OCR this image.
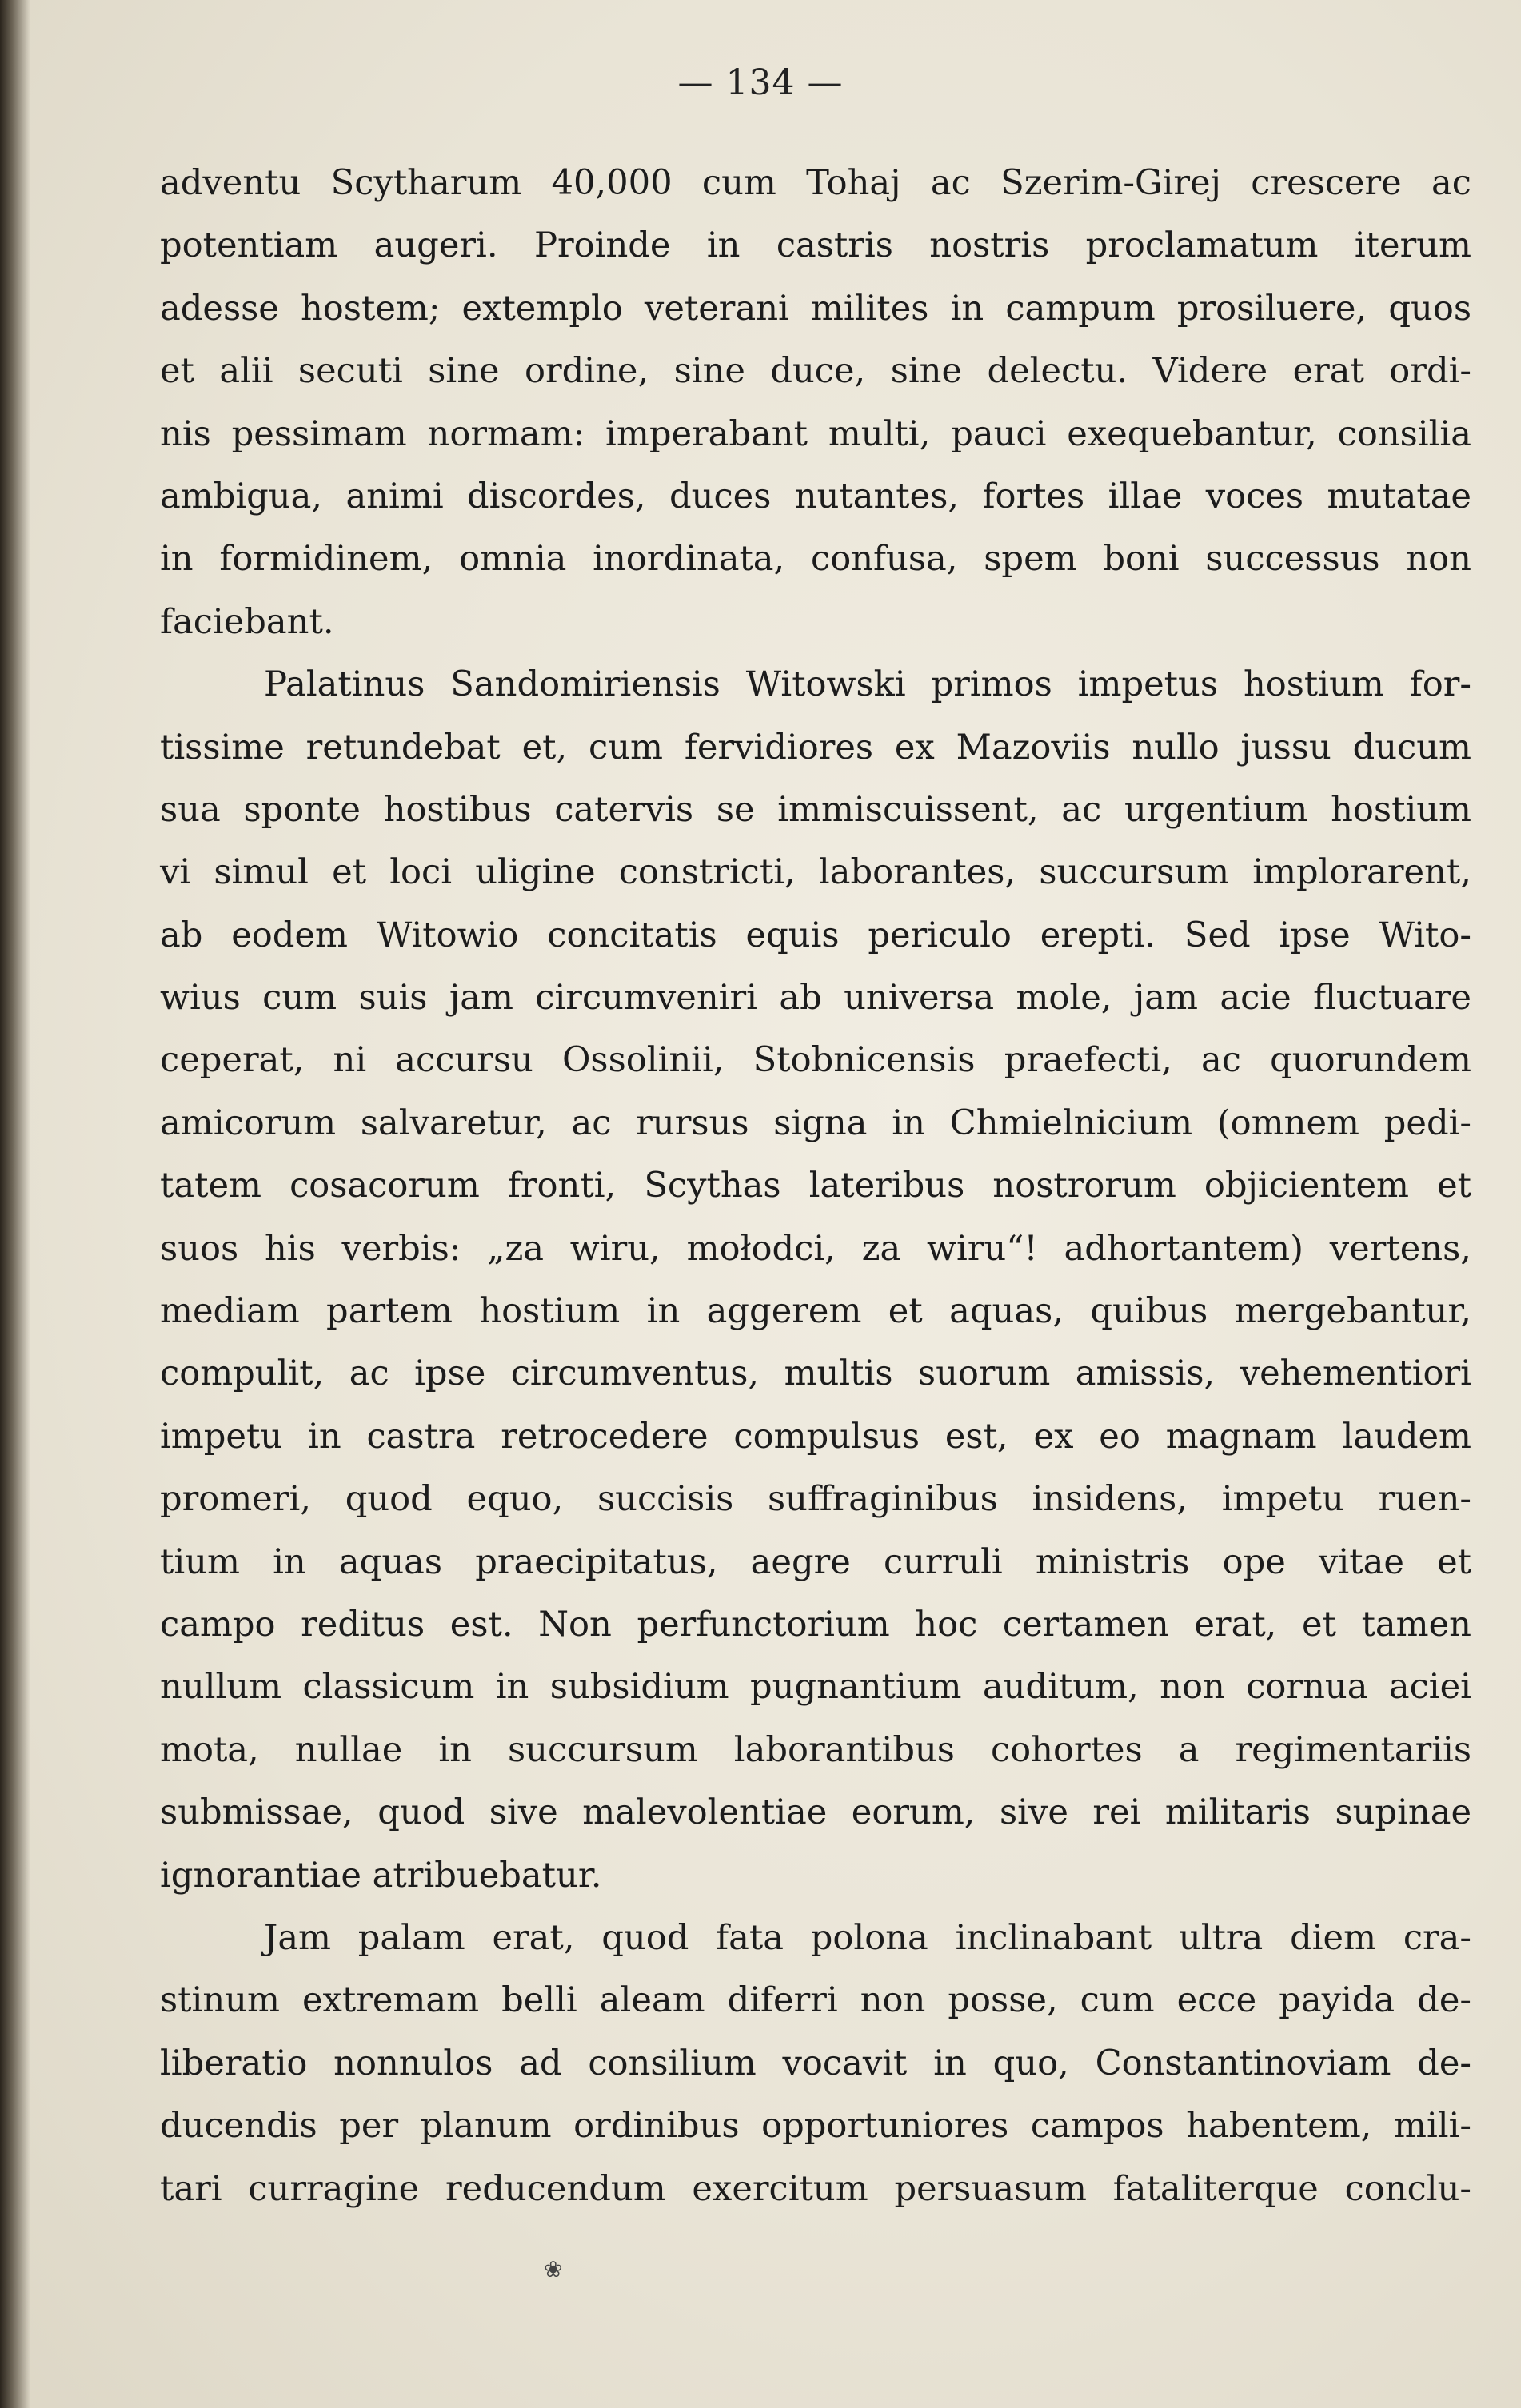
— 134 —
adventu Scytharum 40,000 cum Tohaj ac Szerim-Girej crescere ac
potentiam augeri. Proinde in castris nostris proclamatum iterum
adesse hostem; extemplo veterani milites in campum prosiluere, quos
et alii secuti sine ordine, sine duce, sine delectu. Videre erat ordi-
nis pessimam normam: imperabant multi, pauci exequebantur, consilia
ambigua, animi discordes, duces nutantes, fortes illae voces mutatae
in formidinem, omnia inordinata, confusa, spem boni successus non
faciebant.
Palatinus Sandomiriensis Witowski primos impetus hostium for-
tissime retundebat et, cum fervidiores ex Mazoviis nullo jussu ducum
sua sponte hostibus catervis se immiscuissent, ac urgentium hostium
vi simul et loci uligine constricti, laborantes, succursum implorarent,
ab eodem Witowio concitatis equis periculo erepti. Sed ipse Wito-
wius cum suis jam circumveniri ab universa mole, jam acie fluctuare
ceperat, ni accursu Ossolinii, Stobnicensis praefecti, ac quorundem
amicorum salvaretur, ac rursus signa in Chmielnicium (omnem pedi-
tatem cosacorum fronti, Scythas lateribus nostrorum objicientem et
suos his verbis: „za wiru, mołodci, za wiru“! adhortantem) vertens,
mediam partem hostium in aggerem et aquas, quibus mergebantur,
compulit, ac ipse circumventus, multis suorum amissis, vehementiori
impetu in castra retrocedere compulsus est, ex eo magnam laudem
promeri, quod equo, succisis suffraginibus insidens, impetu ruen-
tium in aquas praecipitatus, aegre curruli ministris ope vitae et
campo reditus est. Non perfunctorium hoc certamen erat, et tamen
nullum classicum in subsidium pugnantium auditum, non cornua aciei
mota, nullae in succursum laborantibus cohortes a regimentariis
submissae, quod sive malevolentiae eorum, sive rei militaris supinae
ignorantiae atribuebatur.
Jam palam erat, quod fata polona inclinabant ultra diem cra-
stinum extremam belli aleam diferri non posse, cum ecce payida de-
liberatio nonnulos ad consilium vocavit in quo, Constantinoviam de-
ducendis per planum ordinibus opportuniores campos habentem, mili-
tari curragine reducendum exercitum persuasum fataliterque conclu-
❀
